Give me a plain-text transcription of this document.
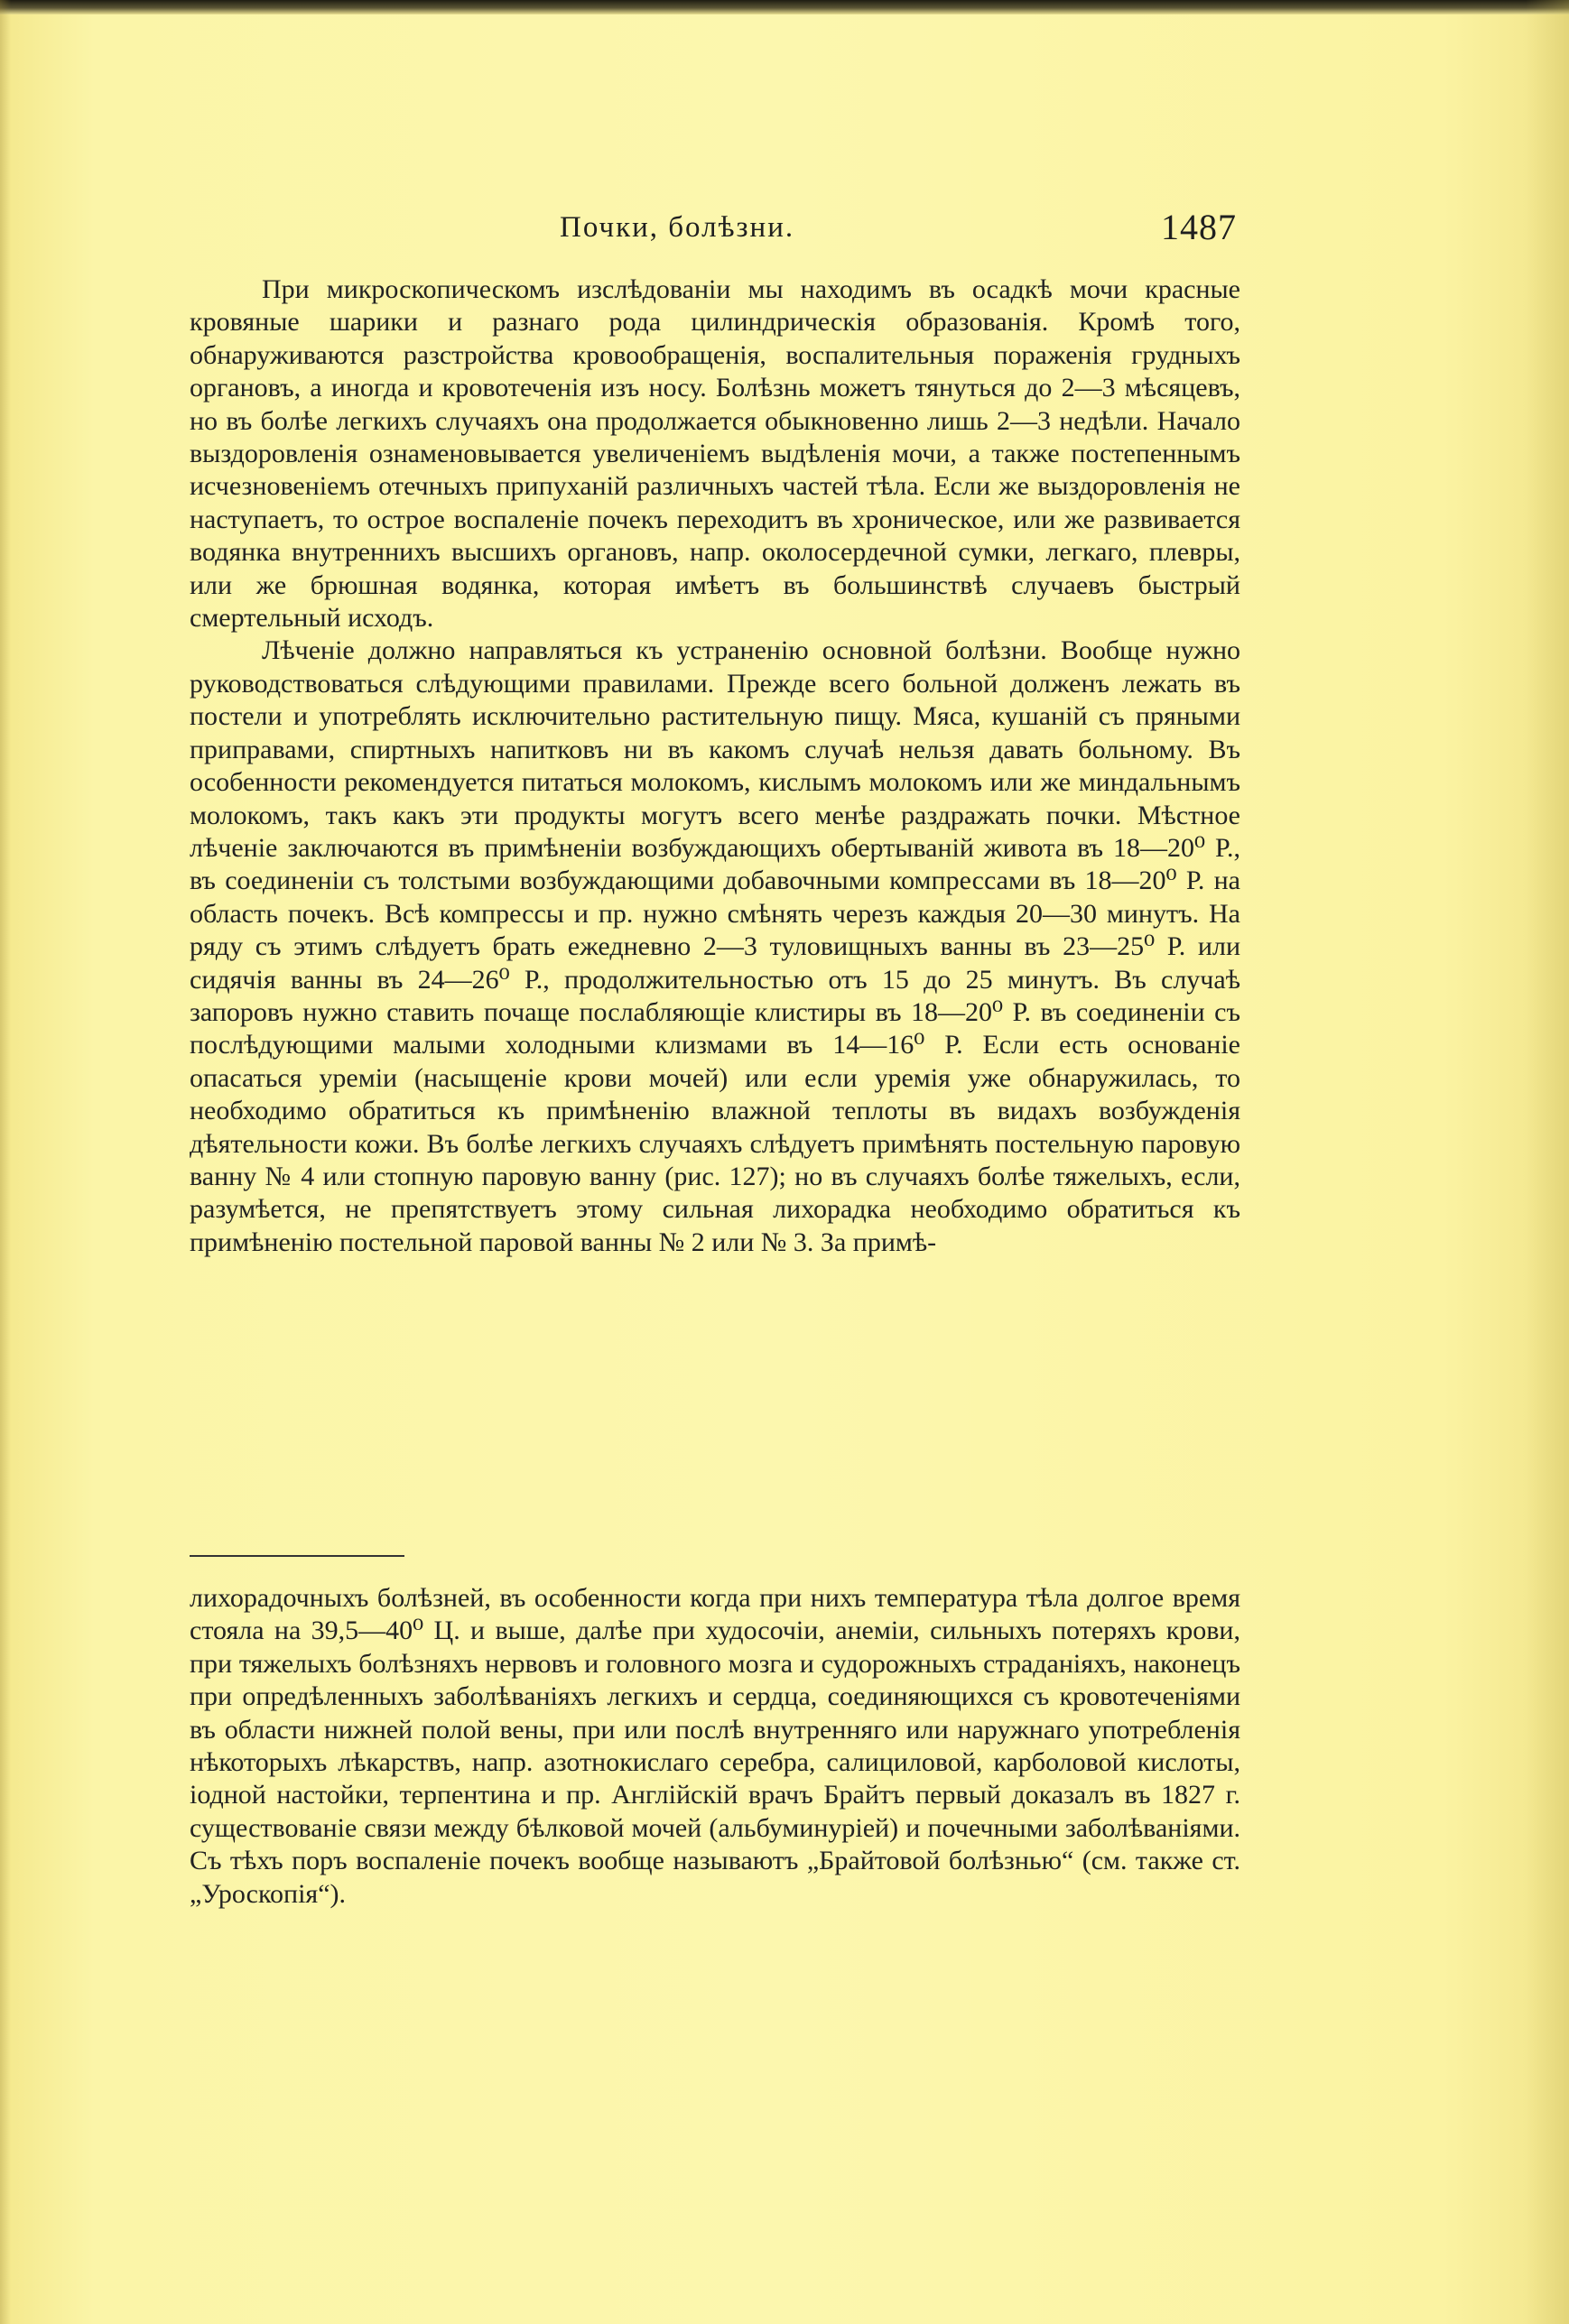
Почки, болѣзни.	1487

При микроскопическомъ изслѣдованіи мы находимъ въ осадкѣ мочи красные кровяные шарики и разнаго рода цилиндрическія образованія. Кромѣ того, обнаруживаются разстройства кровообращенія, воспалительныя пораженія грудныхъ органовъ, а иногда и кровотеченія изъ носу. Болѣзнь можетъ тянуться до 2—3 мѣсяцевъ, но въ болѣе легкихъ случаяхъ она продолжается обыкновенно лишь 2—3 недѣли. Начало выздоровленія ознаменовывается увеличеніемъ выдѣленія мочи, а также постепеннымъ исчезновеніемъ отечныхъ припуханій различныхъ частей тѣла. Если же выздоровленія не наступаетъ, то острое воспаленіе почекъ переходитъ въ хроническое, или же развивается водянка внутреннихъ высшихъ органовъ, напр. околосердечной сумки, легкаго, плевры, или же брюшная водянка, которая имѣетъ въ большинствѣ случаевъ быстрый смертельный исходъ.

Лѣченіе должно направляться къ устраненію основной болѣзни. Вообще нужно руководствоваться слѣдующими правилами. Прежде всего больной долженъ лежать въ постели и употреблять исключительно растительную пищу. Мяса, кушаній съ пряными приправами, спиртныхъ напитковъ ни въ какомъ случаѣ нельзя давать больному. Въ особенности рекомендуется питаться молокомъ, кислымъ молокомъ или же миндальнымъ молокомъ, такъ какъ эти продукты могутъ всего менѣе раздражать почки. Мѣстное лѣченіе заключаются въ примѣненіи возбуждающихъ обертываній живота въ 18—20⁰ Р., въ соединеніи съ толстыми возбуждающими добавочными компрессами въ 18—20⁰ Р. на область почекъ. Всѣ компрессы и пр. нужно смѣнять черезъ каждыя 20—30 минутъ. На ряду съ этимъ слѣдуетъ брать ежедневно 2—3 туловищныхъ ванны въ 23—25⁰ Р. или сидячія ванны въ 24—26⁰ Р., продолжительностью отъ 15 до 25 минутъ. Въ случаѣ запоровъ нужно ставить почаще послабляющіе клистиры въ 18—20⁰ Р. въ соединеніи съ послѣдующими малыми холодными клизмами въ 14—16⁰ Р. Если есть основаніе опасаться уреміи (насыщеніе крови мочей) или если уремія уже обнаружилась, то необходимо обратиться къ примѣненію влажной теплоты въ видахъ возбужденія дѣятельности кожи. Въ болѣе легкихъ случаяхъ слѣдуетъ примѣнять постельную паровую ванну № 4 или стопную паровую ванну (рис. 127); но въ случаяхъ болѣе тяжелыхъ, если, разумѣется, не препятствуетъ этому сильная лихорадка необходимо обратиться къ примѣненію постельной паровой ванны № 2 или № 3. За примѣ-

лихорадочныхъ болѣзней, въ особенности когда при нихъ температура тѣла долгое время стояла на 39,5—40⁰ Ц. и выше, далѣе при худосочіи, анеміи, сильныхъ потеряхъ крови, при тяжелыхъ болѣзняхъ нервовъ и головного мозга и судорожныхъ страданіяхъ, наконецъ при опредѣленныхъ заболѣваніяхъ легкихъ и сердца, соединяющихся съ кровотеченіями въ области нижней полой вены, при или послѣ внутренняго или наружнаго употребленія нѣкоторыхъ лѣкарствъ, напр. азотнокислаго серебра, салициловой, карболовой кислоты, іодной настойки, терпентина и пр. Англійскій врачъ Брайтъ первый доказалъ въ 1827 г. существованіе связи между бѣлковой мочей (альбуминуріей) и почечными заболѣваніями. Съ тѣхъ поръ воспаленіе почекъ вообще называютъ „Брайтовой болѣзнью“ (см. также ст. „Уроскопія“).
